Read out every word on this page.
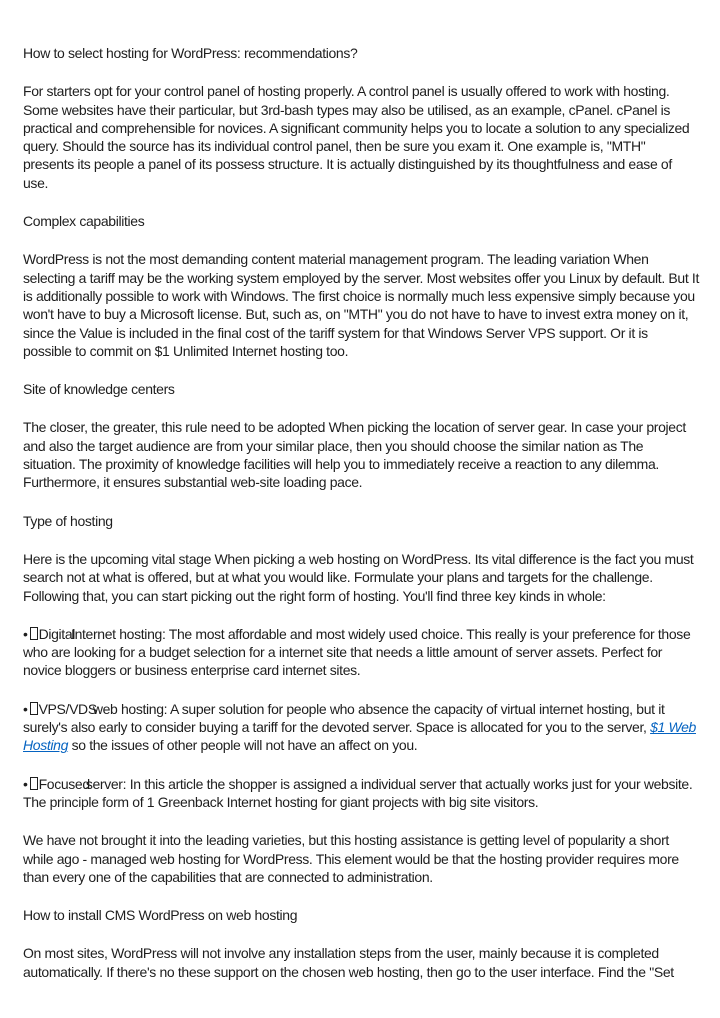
How to select hosting for WordPress: recommendations?

For starters opt for your control panel of hosting properly. A control panel is usually offered to work with hosting. Some websites have their particular, but 3rd-bash types may also be utilised, as an example, cPanel. cPanel is practical and comprehensible for novices. A significant community helps you to locate a solution to any specialized query. Should the source has its individual control panel, then be sure you exam it. One example is, "MTH" presents its people a panel of its possess structure. It is actually distinguished by its thoughtfulness and ease of use.

Complex capabilities

WordPress is not the most demanding content material management program. The leading variation When selecting a tariff may be the working system employed by the server. Most websites offer you Linux by default. But It is additionally possible to work with Windows. The first choice is normally much less expensive simply because you won't have to buy a Microsoft license. But, such as, on "MTH" you do not have to have to invest extra money on it, since the Value is included in the final cost of the tariff system for that Windows Server VPS support. Or it is possible to commit on $1 Unlimited Internet hosting too.

Site of knowledge centers

The closer, the greater, this rule need to be adopted When picking the location of server gear. In case your project and also the target audience are from your similar place, then you should choose the similar nation as The situation. The proximity of knowledge facilities will help you to immediately receive a reaction to any dilemma. Furthermore, it ensures substantial web-site loading pace.

Type of hosting

Here is the upcoming vital stage When picking a web hosting on WordPress. Its vital difference is the fact you must search not at what is offered, but at what you would like. Formulate your plans and targets for the challenge. Following that, you can start picking out the right form of hosting. You'll find three key kinds in whole:

• DigitalInternet hosting: The most affordable and most widely used choice. This really is your preference for those who are looking for a budget selection for a internet site that needs a little amount of server assets. Perfect for novice bloggers or business enterprise card internet sites.

• VPS/VDSweb hosting: A super solution for people who absence the capacity of virtual internet hosting, but it surely's also early to consider buying a tariff for the devoted server. Space is allocated for you to the server, $1 Web Hosting so the issues of other people will not have an affect on you.

• Focusedserver: In this article the shopper is assigned a individual server that actually works just for your website. The principle form of 1 Greenback Internet hosting for giant projects with big site visitors.

We have not brought it into the leading varieties, but this hosting assistance is getting level of popularity a short while ago - managed web hosting for WordPress. This element would be that the hosting provider requires more than every one of the capabilities that are connected to administration.

How to install CMS WordPress on web hosting

On most sites, WordPress will not involve any installation steps from the user, mainly because it is completed automatically. If there's no these support on the chosen web hosting, then go to the user interface. Find the "Set
